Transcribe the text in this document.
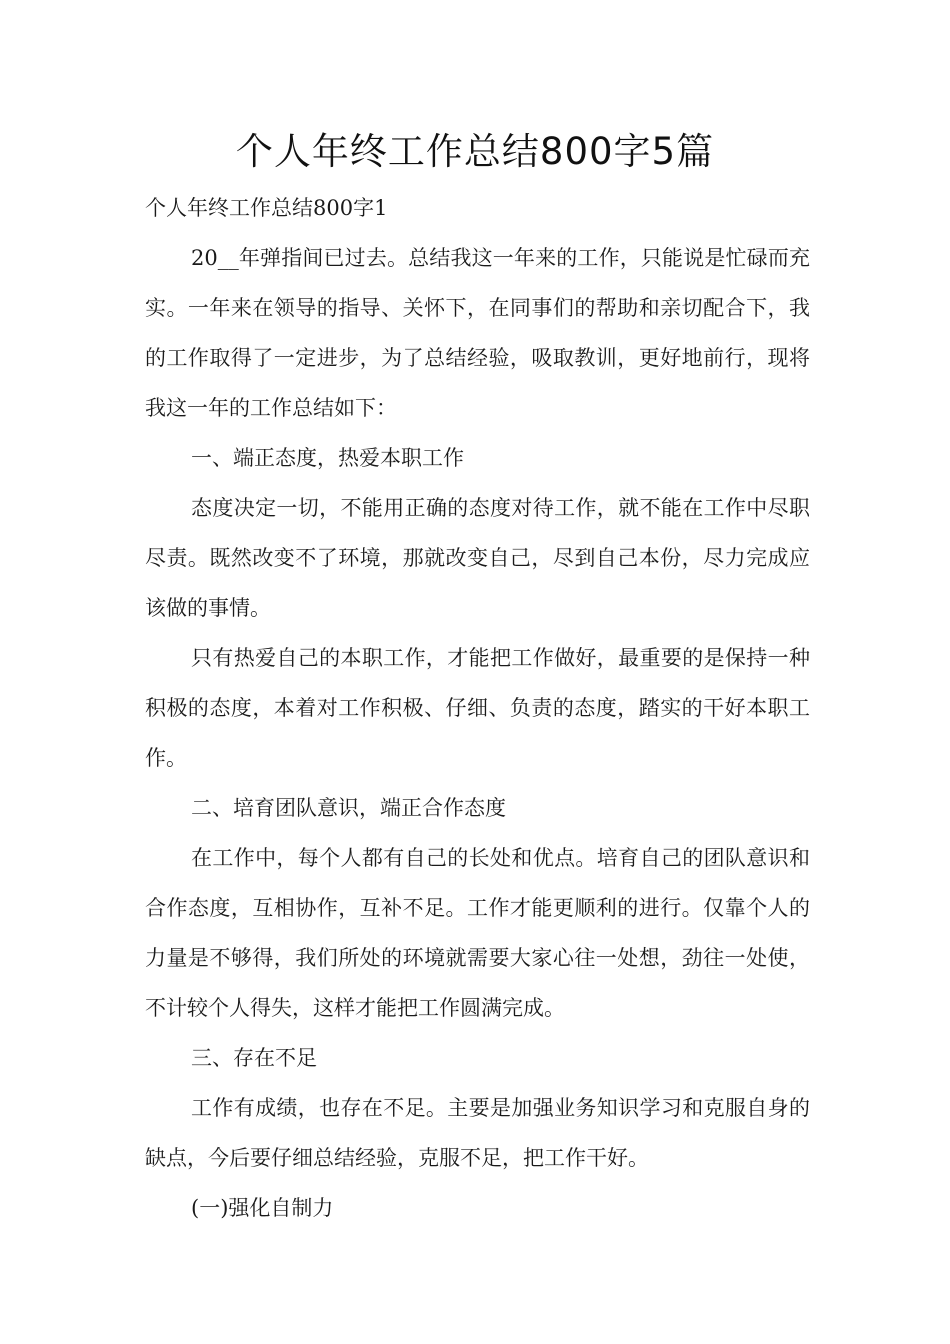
个人年终工作总结800字5篇

个人年终工作总结800字1

20__年弹指间已过去。总结我这一年来的工作，只能说是忙碌而充实。一年来在领导的指导、关怀下，在同事们的帮助和亲切配合下，我的工作取得了一定进步，为了总结经验，吸取教训，更好地前行，现将我这一年的工作总结如下：

一、端正态度，热爱本职工作

态度决定一切，不能用正确的态度对待工作，就不能在工作中尽职尽责。既然改变不了环境，那就改变自己，尽到自己本份，尽力完成应该做的事情。

只有热爱自己的本职工作，才能把工作做好，最重要的是保持一种积极的态度，本着对工作积极、仔细、负责的态度，踏实的干好本职工作。

二、培育团队意识，端正合作态度

在工作中，每个人都有自己的长处和优点。培育自己的团队意识和合作态度，互相协作，互补不足。工作才能更顺利的进行。仅靠个人的力量是不够得，我们所处的环境就需要大家心往一处想，劲往一处使，不计较个人得失，这样才能把工作圆满完成。

三、存在不足

工作有成绩，也存在不足。主要是加强业务知识学习和克服自身的缺点，今后要仔细总结经验，克服不足，把工作干好。

(一)强化自制力
